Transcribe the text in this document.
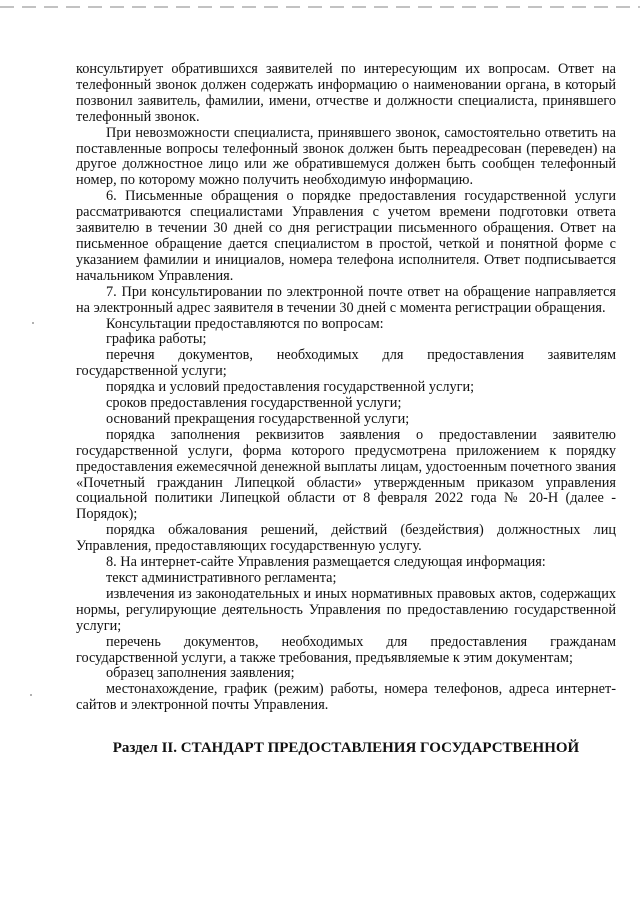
консультирует обратившихся заявителей по интересующим их вопросам. Ответ на телефонный звонок должен содержать информацию о наименовании органа, в который позвонил заявитель, фамилии, имени, отчестве и должности специалиста, принявшего телефонный звонок.

При невозможности специалиста, принявшего звонок, самостоятельно ответить на поставленные вопросы телефонный звонок должен быть переадресован (переведен) на другое должностное лицо или же обратившемуся должен быть сообщен телефонный номер, по которому можно получить необходимую информацию.

6. Письменные обращения о порядке предоставления государственной услуги рассматриваются специалистами Управления с учетом времени подготовки ответа заявителю в течении 30 дней со дня регистрации письменного обращения. Ответ на письменное обращение дается специалистом в простой, четкой и понятной форме с указанием фамилии и инициалов, номера телефона исполнителя. Ответ подписывается начальником Управления.

7. При консультировании по электронной почте ответ на обращение направляется на электронный адрес заявителя в течении 30 дней с момента регистрации обращения.

Консультации предоставляются по вопросам:

графика работы;

перечня документов, необходимых для предоставления заявителям государственной услуги;

порядка и условий предоставления государственной услуги;

сроков предоставления государственной услуги;

оснований прекращения государственной услуги;

порядка заполнения реквизитов заявления о предоставлении заявителю государственной услуги, форма которого предусмотрена приложением к порядку предоставления ежемесячной денежной выплаты лицам, удостоенным почетного звания «Почетный гражданин Липецкой области» утвержденным приказом управления социальной политики Липецкой области от 8 февраля 2022 года № 20-Н (далее - Порядок);

порядка обжалования решений, действий (бездействия) должностных лиц Управления, предоставляющих государственную услугу.

8. На интернет-сайте Управления размещается следующая информация:

текст административного регламента;

извлечения из законодательных и иных нормативных правовых актов, содержащих нормы, регулирующие деятельность Управления по предоставлению государственной услуги;

перечень документов, необходимых для предоставления гражданам государственной услуги, а также требования, предъявляемые к этим документам;

образец заполнения заявления;

местонахождение, график (режим) работы, номера телефонов, адреса интернет-сайтов и электронной почты Управления.

Раздел II. СТАНДАРТ ПРЕДОСТАВЛЕНИЯ ГОСУДАРСТВЕННОЙ
